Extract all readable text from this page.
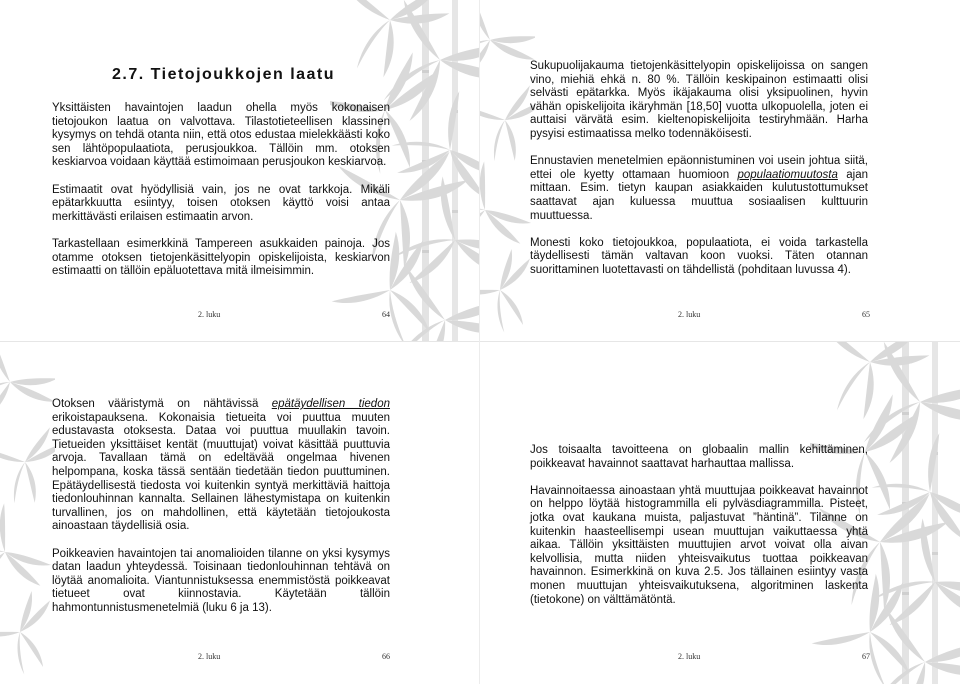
2.7. Tietojoukkojen laatu

Yksittäisten havaintojen laadun ohella myös kokonaisen tietojoukon laatua on valvottava. Tilastotieteellisen klassinen kysymys on tehdä otanta niin, että otos edustaa mielekkäästi koko sen lähtöpopulaatiota, perusjoukkoa. Tällöin mm. otoksen keskiarvoa voidaan käyttää estimoimaan perusjoukon keskiarvoa.

Estimaatit ovat hyödyllisiä vain, jos ne ovat tarkkoja. Mikäli epätarkkuutta esiintyy, toisen otoksen käyttö voisi antaa merkittävästi erilaisen estimaatin arvon.

Tarkastellaan esimerkkinä Tampereen asukkaiden painoja. Jos otamme otoksen tietojenkäsittelyopin opiskelijoista, keskiarvon estimaatti on tällöin epäluotettava mitä ilmeisimmin.

2. luku	64

Sukupuolijakauma tietojenkäsittelyopin opiskelijoissa on sangen vino, miehiä ehkä n. 80 %. Tällöin keskipainon estimaatti olisi selvästi epätarkka. Myös ikäjakauma olisi yksipuolinen, hyvin vähän opiskelijoita ikäryhmän [18,50] vuotta ulkopuolella, joten ei auttaisi värvätä esim. kieltenopiskelijoita testiryhmään. Harha pysyisi estimaatissa melko todennäköisesti.

Ennustavien menetelmien epäonnistuminen voi usein johtua siitä, ettei ole kyetty ottamaan huomioon populaatiomuutosta ajan mittaan. Esim. tietyn kaupan asiakkaiden kulutustottumukset saattavat ajan kuluessa muuttua sosiaalisen kulttuurin muuttuessa.

Monesti koko tietojoukkoa, populaatiota, ei voida tarkastella täydellisesti tämän valtavan koon vuoksi. Täten otannan suorittaminen luotettavasti on tähdellistä (pohditaan luvussa 4).

2. luku	65

Otoksen vääristymä on nähtävissä epätäydellisen tiedon erikoistapauksena. Kokonaisia tietueita voi puuttua muuten edustavasta otoksesta. Dataa voi puuttua muullakin tavoin. Tietueiden yksittäiset kentät (muuttujat) voivat käsittää puuttuvia arvoja. Tavallaan tämä on edeltävää ongelmaa hivenen helpompana, koska tässä sentään tiedetään tiedon puuttuminen. Epätäydellisestä tiedosta voi kuitenkin syntyä merkittäviä haittoja tiedonlouhinnan kannalta. Sellainen lähestymistapa on kuitenkin turvallinen, jos on mahdollinen, että käytetään tietojoukosta ainoastaan täydellisiä osia.

Poikkeavien havaintojen tai anomalioiden tilanne on yksi kysymys datan laadun yhteydessä. Toisinaan tiedonlouhinnan tehtävä on löytää anomalioita. Viantunnistuksessa enemmistöstä poikkeavat tietueet ovat kiinnostavia. Käytetään tällöin hahmontunnistusmenetelmiä (luku 6 ja 13).

2. luku	66

Jos toisaalta tavoitteena on globaalin mallin kehittäminen, poikkeavat havainnot saattavat harhauttaa mallissa.

Havainnoitaessa ainoastaan yhtä muuttujaa poikkeavat havainnot on helppo löytää histogrammilla eli pylväsdiagrammilla. Pisteet, jotka ovat kaukana muista, paljastuvat ”häntinä”. Tilanne on kuitenkin haasteellisempi usean muuttujan vaikuttaessa yhtä aikaa. Tällöin yksittäisten muuttujien arvot voivat olla aivan kelvollisia, mutta niiden yhteisvaikutus tuottaa poikkeavan havainnon. Esimerkkinä on kuva 2.5. Jos tällainen esiintyy vasta monen muuttujan yhteisvaikutuksena, algoritminen laskenta (tietokone) on välttämätöntä.

2. luku	67
